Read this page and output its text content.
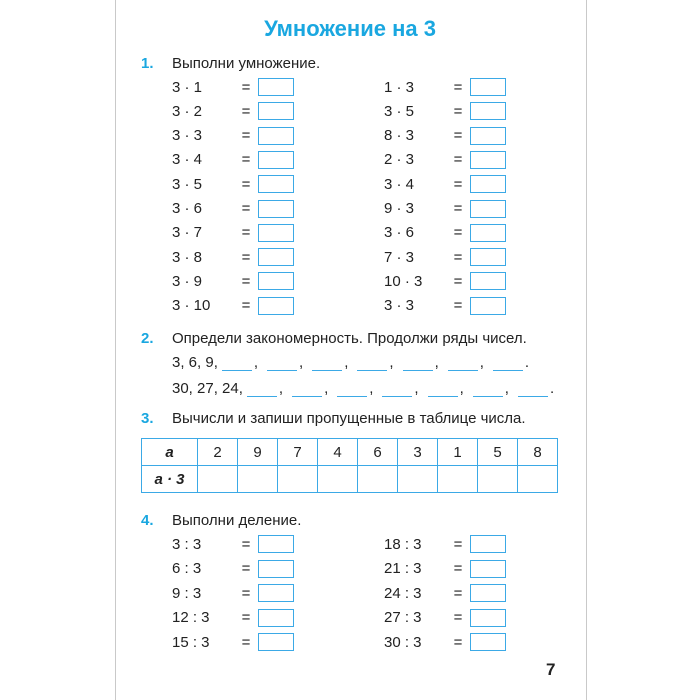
Умножение на 3
1. Выполни умножение.
3 · 1	=
3 · 2	=
3 · 3	=
3 · 4	=
3 · 5	=
3 · 6	=
3 · 7	=
3 · 8	=
3 · 9	=
3 · 10	=
1 · 3	=
3 · 5	=
8 · 3	=
2 · 3	=
3 · 4	=
9 · 3	=
3 · 6	=
7 · 3	=
10 · 3	=
3 · 3	=
2. Определи закономерность. Продолжи ряды чисел.
3, 6, 9, ,	,	,	,	,	,	.
30, 27, 24, ,	,	,	,	,	,	.
3. Вычисли и запиши пропущенные в таблице числа.
a	2	9	7	4	6	3	1	5	8
a · 3									
4. Выполни деление.
3 : 3	=
6 : 3	=
9 : 3	=
12 : 3	=
15 : 3	=
18 : 3	=
21 : 3	=
24 : 3	=
27 : 3	=
30 : 3	=
7
